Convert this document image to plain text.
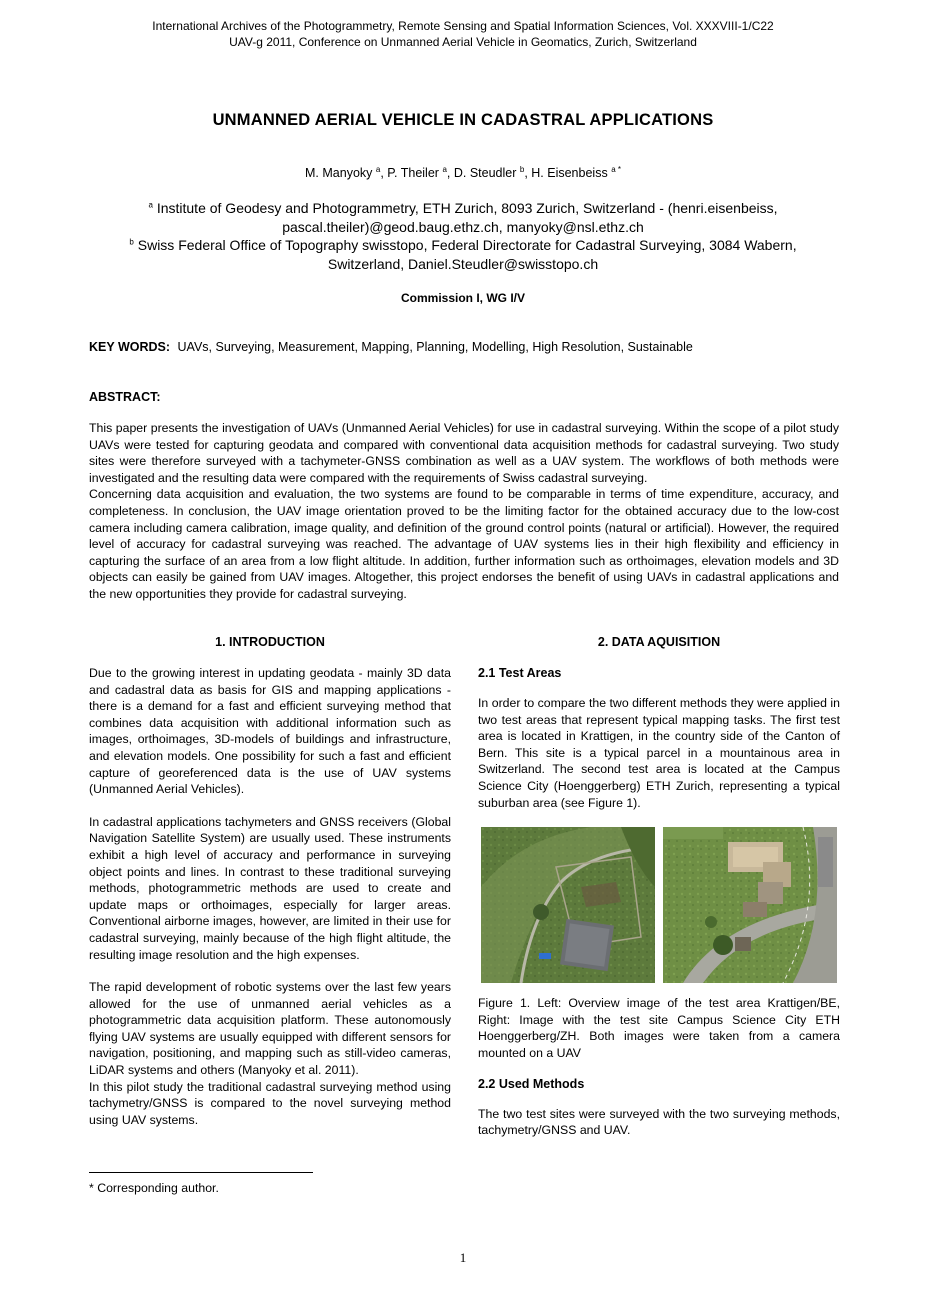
International Archives of the Photogrammetry, Remote Sensing and Spatial Information Sciences, Vol. XXXVIII-1/C22
UAV-g 2011, Conference on Unmanned Aerial Vehicle in Geomatics, Zurich, Switzerland
UNMANNED AERIAL VEHICLE IN CADASTRAL APPLICATIONS
M. Manyoky $^a$, P. Theiler $^a$, D. Steudler $^b$, H. Eisenbeiss $^{a *}$
$^a$ Institute of Geodesy and Photogrammetry, ETH Zurich, 8093 Zurich, Switzerland - (henri.eisenbeiss,
pascal.theiler)@geod.baug.ethz.ch, manyoky@nsl.ethz.ch
$^b$ Swiss Federal Office of Topography swisstopo, Federal Directorate for Cadastral Surveying, 3084 Wabern,
Switzerland, Daniel.Steudler@swisstopo.ch
Commission I, WG I/V
KEY WORDS: UAVs, Surveying, Measurement, Mapping, Planning, Modelling, High Resolution, Sustainable
ABSTRACT:

This paper presents the investigation of UAVs (Unmanned Aerial Vehicles) for use in cadastral surveying. Within the scope of a pilot study UAVs were tested for capturing geodata and compared with conventional data acquisition methods for cadastral surveying. Two study sites were therefore surveyed with a tachymeter-GNSS combination as well as a UAV system. The workflows of both methods were investigated and the resulting data were compared with the requirements of Swiss cadastral surveying.

Concerning data acquisition and evaluation, the two systems are found to be comparable in terms of time expenditure, accuracy, and completeness. In conclusion, the UAV image orientation proved to be the limiting factor for the obtained accuracy due to the low-cost camera including camera calibration, image quality, and definition of the ground control points (natural or artificial). However, the required level of accuracy for cadastral surveying was reached. The advantage of UAV systems lies in their high flexibility and efficiency in capturing the surface of an area from a low flight altitude. In addition, further information such as orthoimages, elevation models and 3D objects can easily be gained from UAV images. Altogether, this project endorses the benefit of using UAVs in cadastral applications and the new opportunities they provide for cadastral surveying.

1. INTRODUCTION

Due to the growing interest in updating geodata - mainly 3D data and cadastral data as basis for GIS and mapping applications - there is a demand for a fast and efficient surveying method that combines data acquisition with additional information such as images, orthoimages, 3D-models of buildings and infrastructure, and elevation models. One possibility for such a fast and efficient capture of georeferenced data is the use of UAV systems (Unmanned Aerial Vehicles).

In cadastral applications tachymeters and GNSS receivers (Global Navigation Satellite System) are usually used. These instruments exhibit a high level of accuracy and performance in surveying object points and lines. In contrast to these traditional surveying methods, photogrammetric methods are used to create and update maps or orthoimages, especially for larger areas. Conventional airborne images, however, are limited in their use for cadastral surveying, mainly because of the high flight altitude, the resulting image resolution and the high expenses.

The rapid development of robotic systems over the last few years allowed for the use of unmanned aerial vehicles as a photogrammetric data acquisition platform. These autonomously flying UAV systems are usually equipped with different sensors for navigation, positioning, and mapping such as still-video cameras, LiDAR systems and others (Manyoky et al. 2011).

In this pilot study the traditional cadastral surveying method using tachymetry/GNSS is compared to the novel surveying method using UAV systems.

2. DATA AQUISITION
2.1 Test Areas

In order to compare the two different methods they were applied in two test areas that represent typical mapping tasks. The first test area is located in Krattigen, in the country side of the Canton of Bern. This site is a typical parcel in a mountainous area in Switzerland. The second test area is located at the Campus Science City (Hoenggerberg) ETH Zurich, representing a typical suburban area (see Figure 1).

Figure 1. Left: Overview image of the test area Krattigen/BE, Right: Image with the test site Campus Science City ETH Hoenggerberg/ZH. Both images were taken from a camera mounted on a UAV

2.2 Used Methods

The two test sites were surveyed with the two surveying methods, tachymetry/GNSS and UAV.

* Corresponding author.
1
